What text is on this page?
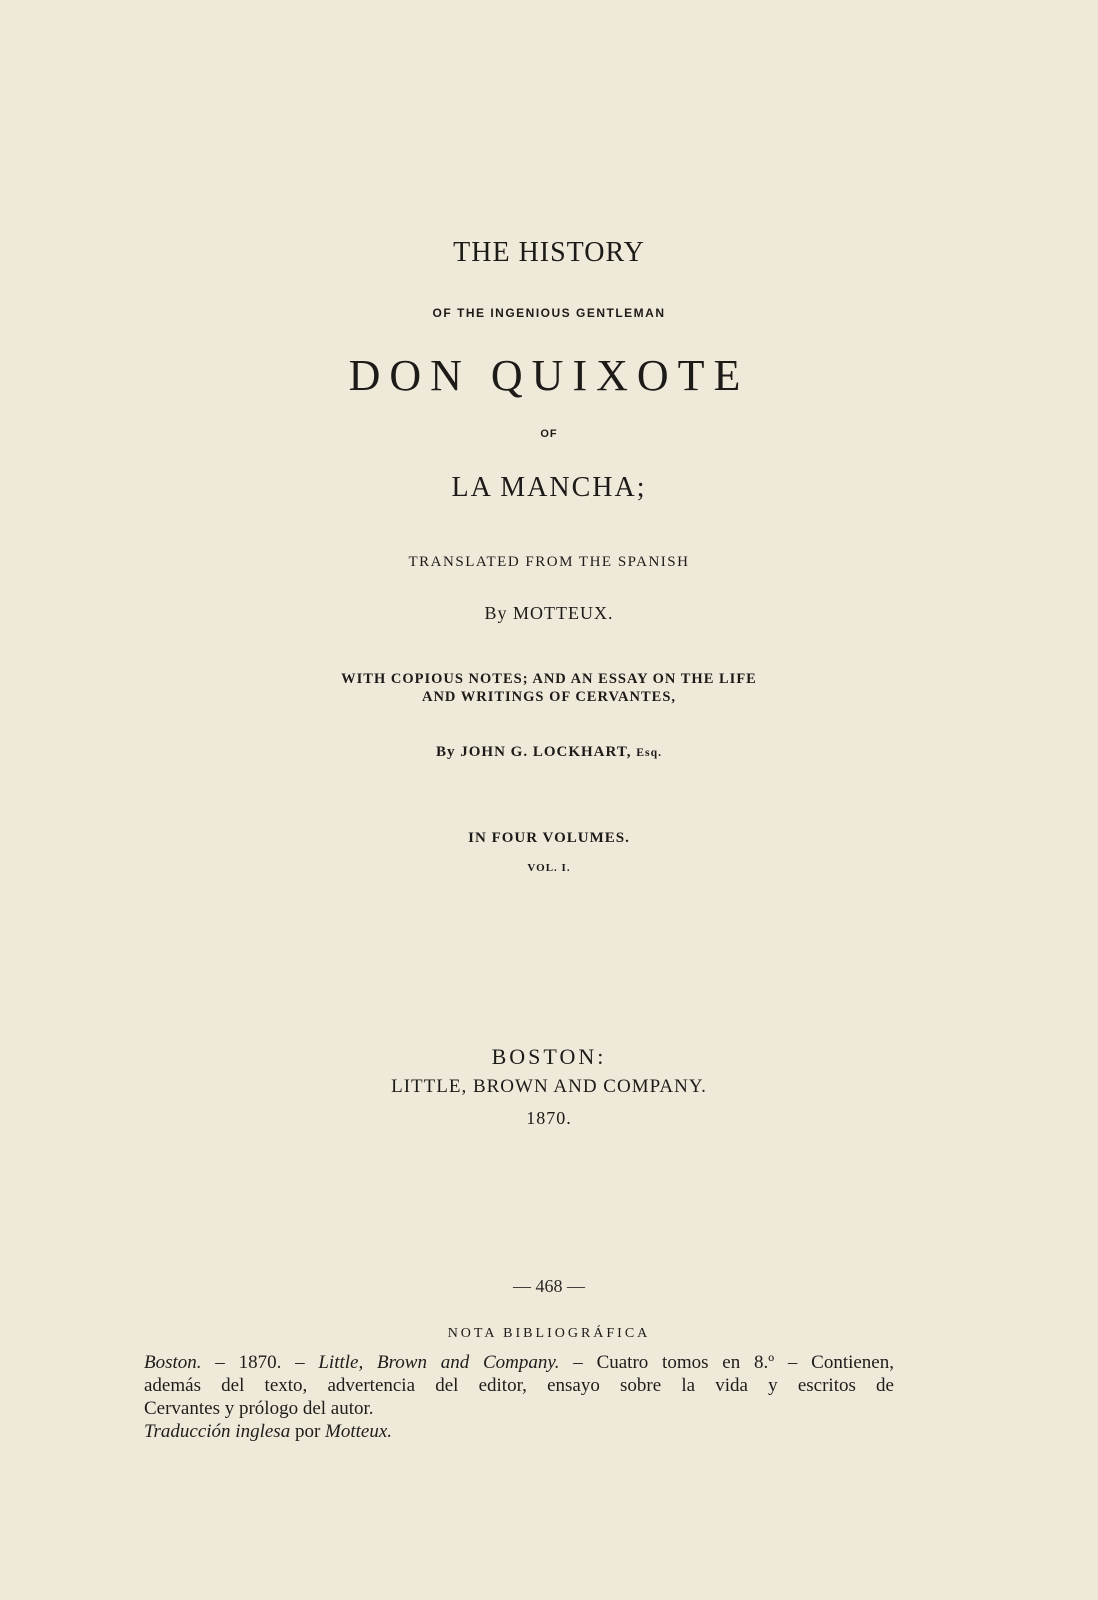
THE HISTORY
OF THE INGENIOUS GENTLEMAN
DON QUIXOTE
OF
LA MANCHA;
TRANSLATED FROM THE SPANISH
By MOTTEUX.
WITH COPIOUS NOTES; AND AN ESSAY ON THE LIFE
AND WRITINGS OF CERVANTES,
By JOHN G. LOCKHART, Esq.
IN FOUR VOLUMES.
VOL. I.
BOSTON:
LITTLE, BROWN AND COMPANY.
1870.
— 468 —
NOTA BIBLIOGRÁFICA
Boston. – 1870. – Little, Brown and Company. – Cuatro tomos en 8.º – Contienen,
además del texto, advertencia del editor, ensayo sobre la vida y escritos de
Cervantes y prólogo del autor.
Traducción inglesa por Motteux.
